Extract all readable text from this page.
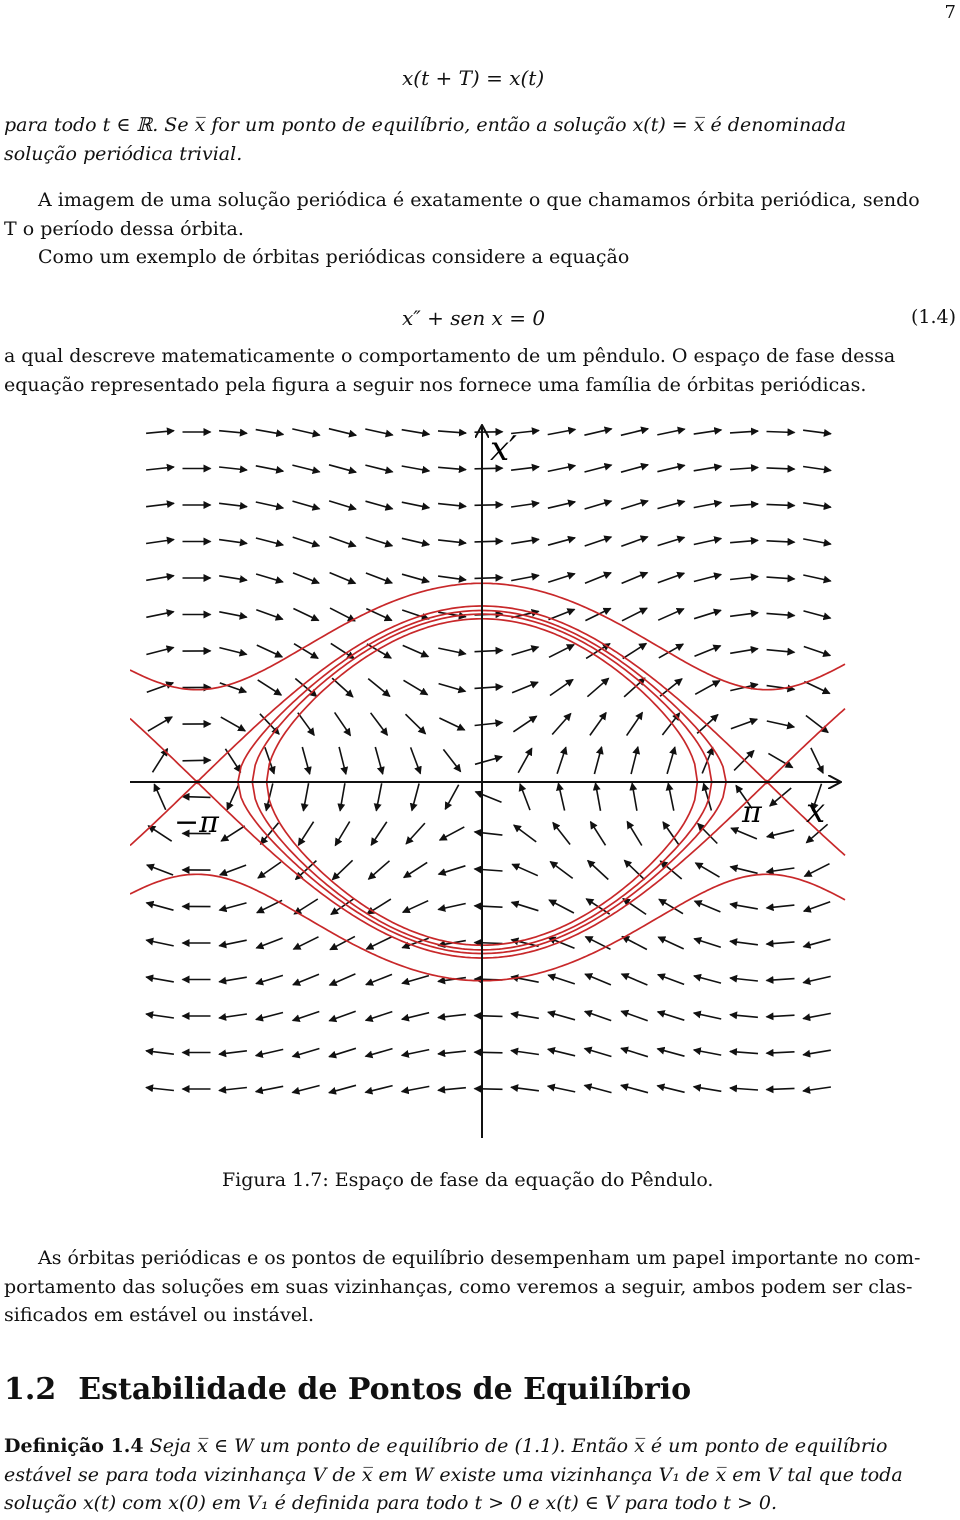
7
x(t + T) = x(t)
para todo t ∈ ℝ. Se x̅ for um ponto de equilíbrio, então a solução x(t) = x̅ é denominada
solução periódica trivial.
A imagem de uma solução periódica é exatamente o que chamamos órbita periódica, sendo
T o período dessa órbita.
Como um exemplo de órbitas periódicas considere a equação
x″ + sen x = 0	(1.4)
a qual descreve matematicamente o comportamento de um pêndulo. O espaço de fase dessa
equação representado pela figura a seguir nos fornece uma família de órbitas periódicas.
x′
x
−π	π
Figura 1.7: Espaço de fase da equação do Pêndulo.
As órbitas periódicas e os pontos de equilíbrio desempenham um papel importante no com-
portamento das soluções em suas vizinhanças, como veremos a seguir, ambos podem ser clas-
sificados em estável ou instável.
1.2 Estabilidade de Pontos de Equilíbrio
Definição 1.4 Seja x̅ ∈ W um ponto de equilíbrio de (1.1). Então x̅ é um ponto de equilíbrio
estável se para toda vizinhança V de x̅ em W existe uma vizinhança V₁ de x̅ em V tal que toda
solução x(t) com x(0) em V₁ é definida para todo t > 0 e x(t) ∈ V para todo t > 0.
